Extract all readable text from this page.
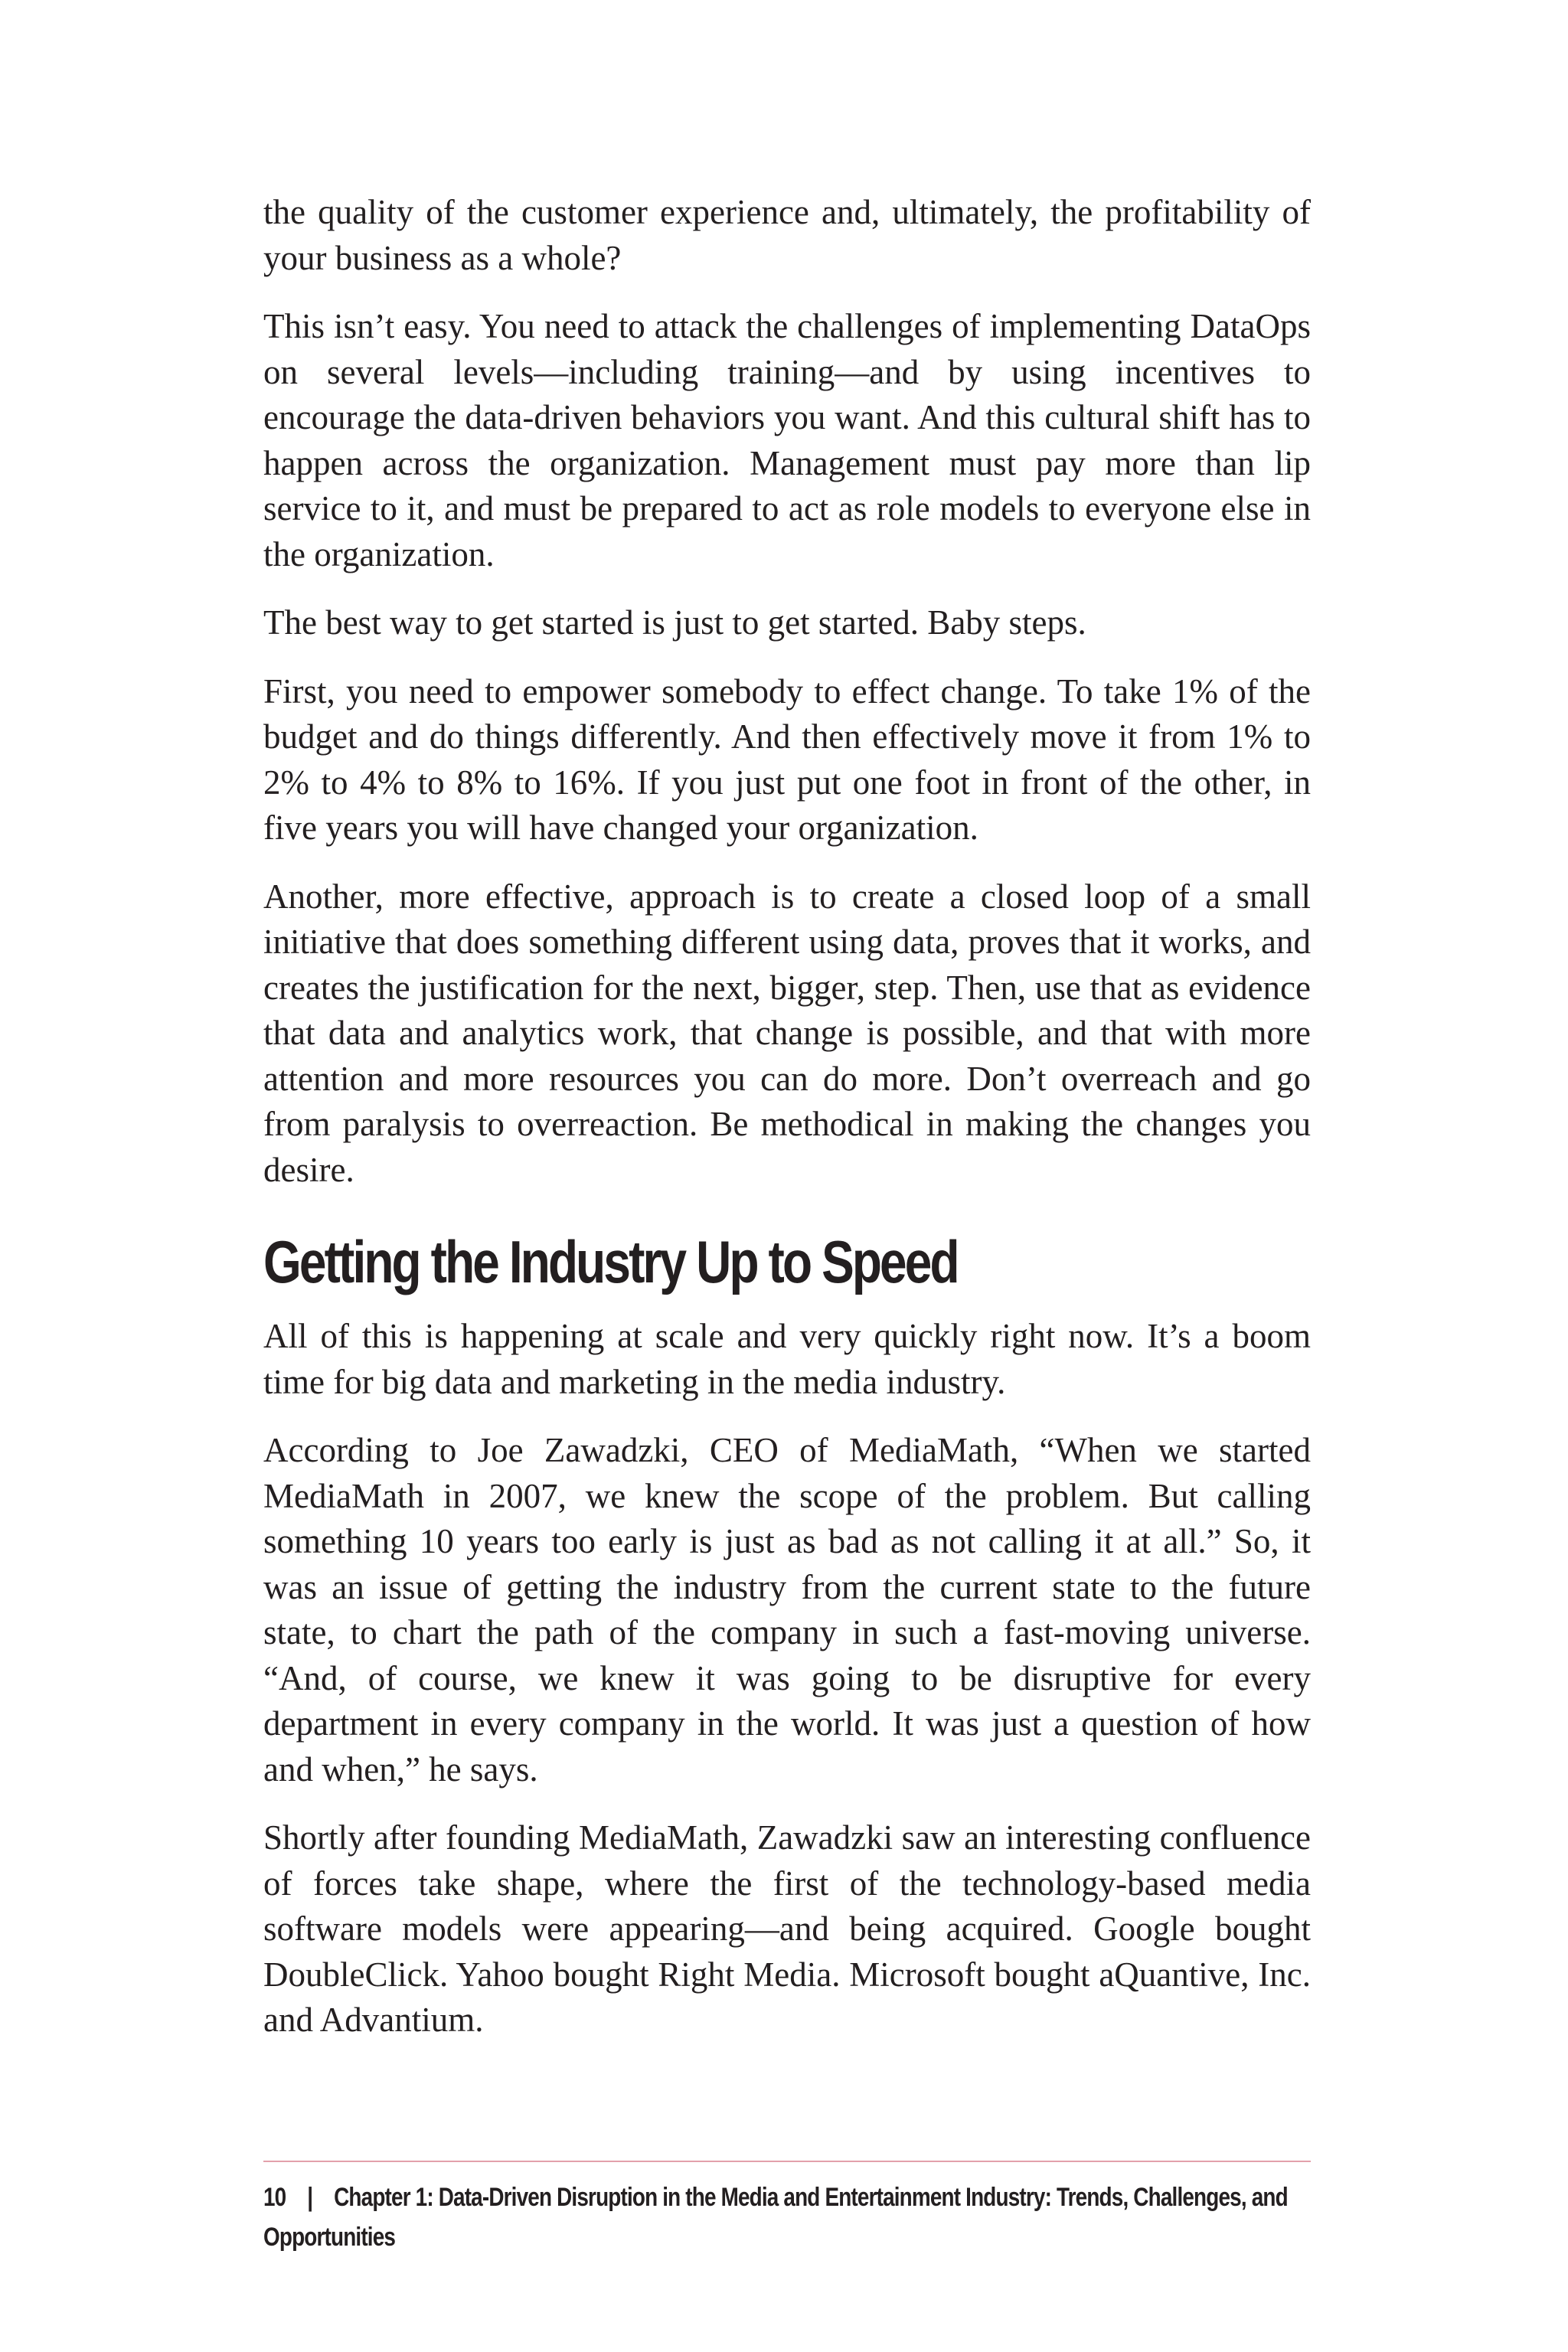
the quality of the customer experience and, ultimately, the profitability of your business as a whole?

This isn’t easy. You need to attack the challenges of implementing DataOps on several levels—including training—and by using incentives to encourage the data-driven behaviors you want. And this cultural shift has to happen across the organization. Management must pay more than lip service to it, and must be prepared to act as role models to everyone else in the organization.

The best way to get started is just to get started. Baby steps.

First, you need to empower somebody to effect change. To take 1% of the budget and do things differently. And then effectively move it from 1% to 2% to 4% to 8% to 16%. If you just put one foot in front of the other, in five years you will have changed your organization.

Another, more effective, approach is to create a closed loop of a small initiative that does something different using data, proves that it works, and creates the justification for the next, bigger, step. Then, use that as evidence that data and analytics work, that change is possible, and that with more attention and more resources you can do more. Don’t overreach and go from paralysis to overreaction. Be methodical in making the changes you desire.

Getting the Industry Up to Speed

All of this is happening at scale and very quickly right now. It’s a boom time for big data and marketing in the media industry.

According to Joe Zawadzki, CEO of MediaMath, “When we started MediaMath in 2007, we knew the scope of the problem. But calling something 10 years too early is just as bad as not calling it at all.” So, it was an issue of getting the industry from the current state to the future state, to chart the path of the company in such a fast-moving universe. “And, of course, we knew it was going to be disruptive for every department in every company in the world. It was just a question of how and when,” he says.

Shortly after founding MediaMath, Zawadzki saw an interesting confluence of forces take shape, where the first of the technology-based media software models were appearing—and being acquired. Google bought DoubleClick. Yahoo bought Right Media. Microsoft bought aQuantive, Inc. and Advantium.

10 | Chapter 1: Data-Driven Disruption in the Media and Entertainment Industry: Trends, Challenges, and Opportunities
